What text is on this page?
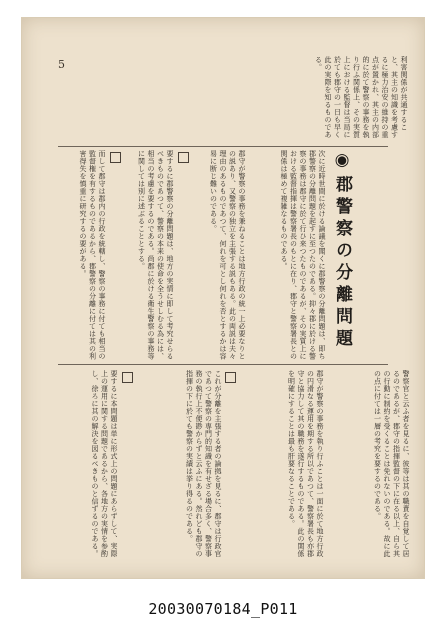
5	利害関係が共通すること、其主の知識を考慮するに極力治安の維持の重点が置かれ、其主の内部的に於て警察の事務を執り行ふ関係上、その実質上における監督は当局に於ても郡守の一日も早く此の実際を知るものである。
◉郡警察の分離問題
次に近時世間に於ける論議を聞くに郡警察の分離問題は、即ち郡警察の分離問題を起すに至つたのである。抑々郡に於ける警察の事務は郡守に於て行ひ来つたものであるが、その実質上における監督指揮は警察署長のもとに在り、郡守と警察署長との関係は極めて複雑なるものである。
郡守が警察の事務を兼ねることは地方行政の統一上必要なりとの説あり、又警察の独立を主張する説もある。此の両説は夫々理由のあるものであつて、何れを可とし何れを否とするかは容易に断じ難いのである。
要するに郡警察の分離問題は、地方の実情に即して考究せらるべきものであつて、警察の本来の使命を全うせしむる為には、相当の考慮を要するのである。尚郡に於ける衛生警察の事務等に関しては別に述ぶることとする。
而して郡守は郡内の行政を統轄し、警察の事務に付ても相当の監督権を有するものであるから、郡警察の分離に付ては其の利害得失を慎重に研究するの要がある。
警察官と云ふ者を見るに、彼等は其の職責を自覚して居るのであるが、郡守の指揮監督の下に在る以上、自ら其の行動に制約を受くることは免れないのである。故に此の点に付ては一層の考究を要するのである。
郡守が警察の事務を執り行ふことは一面に於て地方行政の円滑なる運用を期する所以であつて、警察署長も亦郡守と協力して其の職務を遂行するものである。此の関係を明確にすることは最も肝要なることである。
これが分離を主張する者の論拠を見るに、郡守は行政官であつて警察の専門的知識を有せざる場合多く、警察事務の執行上不便尠からずと云ふにある。然れども郡守の指揮の下に於ても警察の実績は挙り得るのである。
要するに本問題は単に形式上の問題にあらずして、実際上の運用に関する問題であるから、各地方の実情を参酌し、徐ろに其の解決を図るべきものと信ずるのである。
20030070184_P011
